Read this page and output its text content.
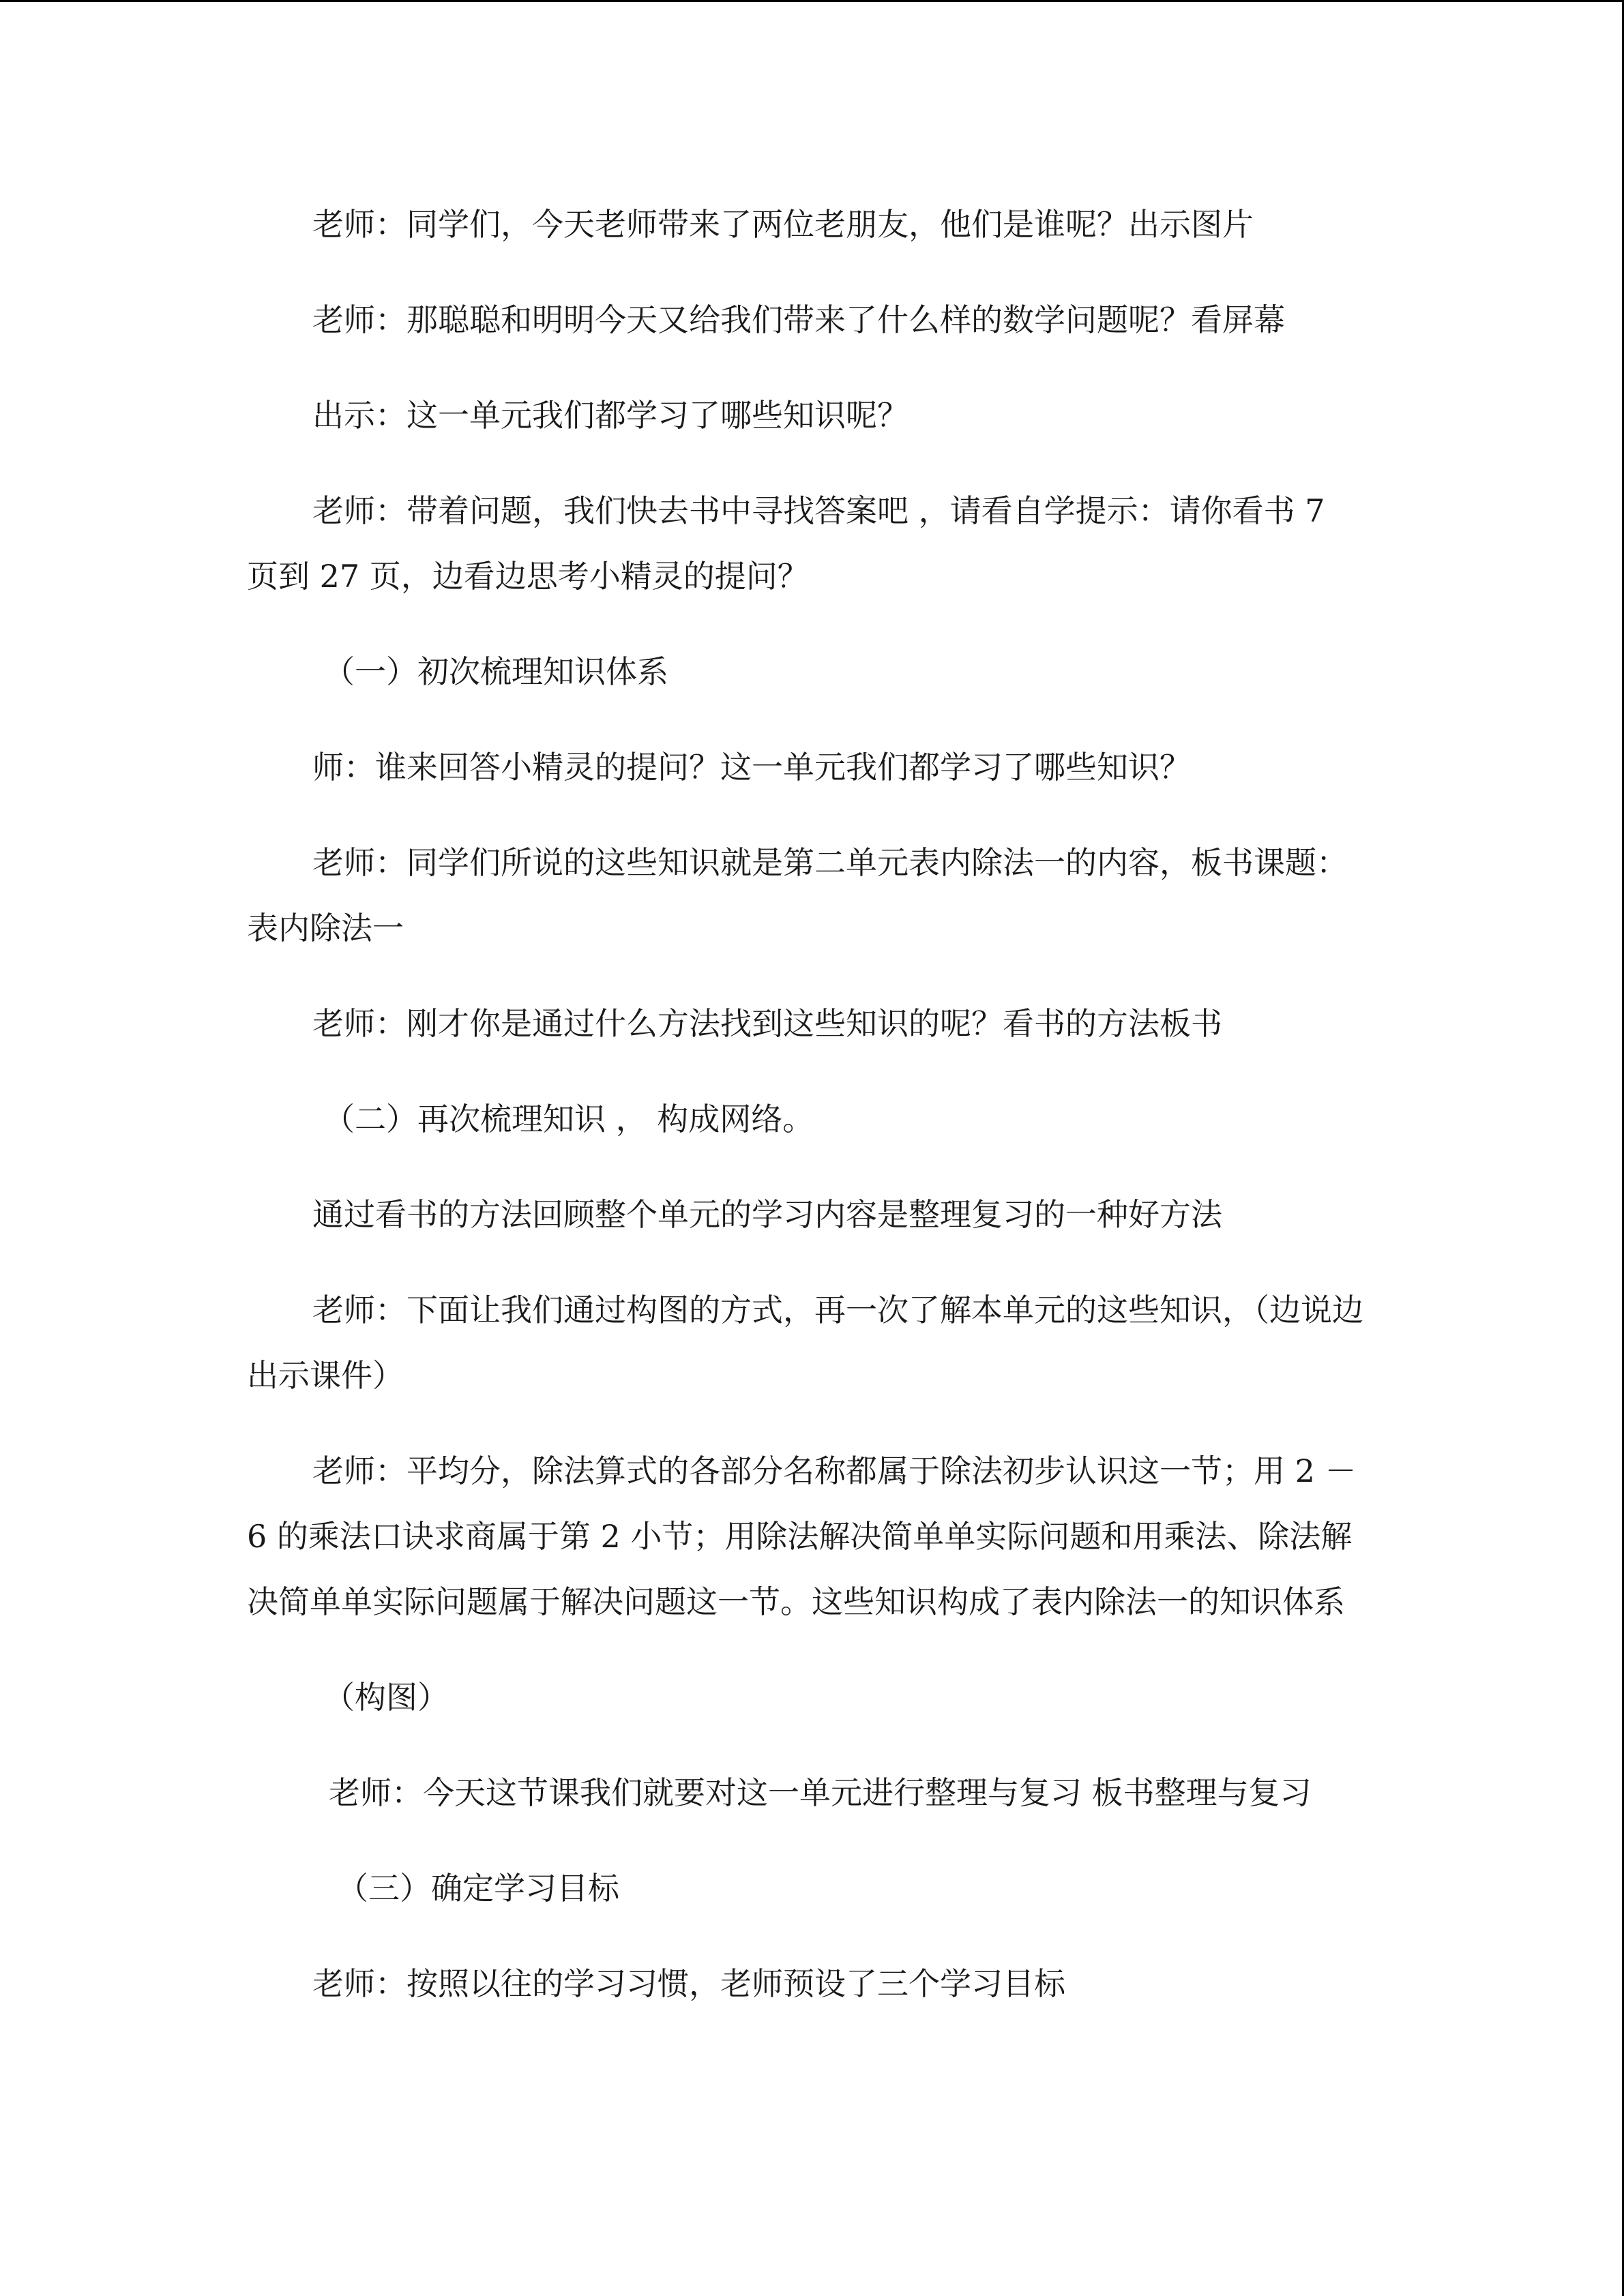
老师：同学们，今天老师带来了两位老朋友，他们是谁呢？出示图片

老师：那聪聪和明明今天又给我们带来了什么样的数学问题呢？看屏幕

出示：这一单元我们都学习了哪些知识呢？

老师：带着问题，我们快去书中寻找答案吧 ，请看自学提示：请你看书 7 页到 27 页，边看边思考小精灵的提问？

（一）初次梳理知识体系

师：谁来回答小精灵的提问？这一单元我们都学习了哪些知识？

老师：同学们所说的这些知识就是第二单元表内除法一的内容，板书课题：表内除法一

老师：刚才你是通过什么方法找到这些知识的呢？看书的方法板书

（二）再次梳理知识 ， 构成网络。

通过看书的方法回顾整个单元的学习内容是整理复习的一种好方法

老师：下面让我们通过构图的方式，再一次了解本单元的这些知识，（边说边出示课件）

老师：平均分，除法算式的各部分名称都属于除法初步认识这一节；用 2 －6 的乘法口诀求商属于第 2 小节；用除法解决简单单实际问题和用乘法、除法解决简单单实际问题属于解决问题这一节。这些知识构成了表内除法一的知识体系

（构图）

老师：今天这节课我们就要对这一单元进行整理与复习 板书整理与复习

（三）确定学习目标

老师：按照以往的学习习惯，老师预设了三个学习目标
